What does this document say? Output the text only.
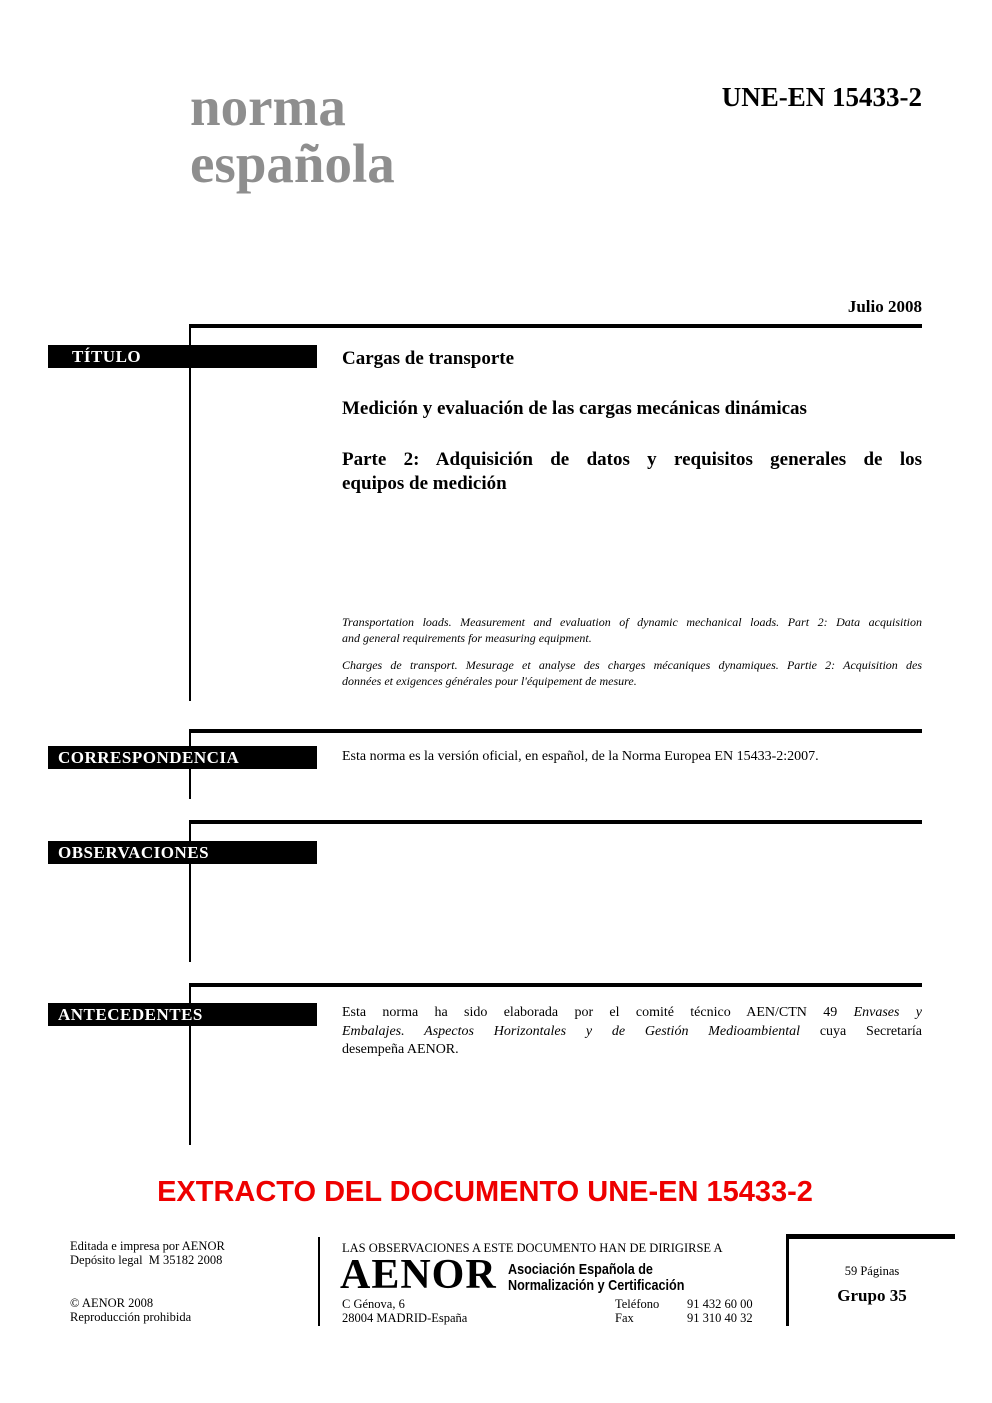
norma
española
UNE-EN 15433-2
Julio 2008
TÍTULO
CORRESPONDENCIA
OBSERVACIONES
ANTECEDENTES
Cargas de transporte
Medición y evaluación de las cargas mecánicas dinámicas
Parte 2: Adquisición de datos y requisitos generales de los
equipos de medición
Transportation loads. Measurement and evaluation of dynamic mechanical loads. Part 2: Data acquisition
and general requirements for measuring equipment.
Charges de transport. Mesurage et analyse des charges mécaniques dynamiques. Partie 2: Acquisition des
données et exigences générales pour l'équipement de mesure.
Esta norma es la versión oficial, en español, de la Norma Europea EN 15433-2:2007.
Esta norma ha sido elaborada por el comité técnico AEN/CTN 49 Envases y
Embalajes. Aspectos Horizontales y de Gestión Medioambiental cuya Secretaría
desempeña AENOR.
EXTRACTO DEL DOCUMENTO UNE-EN 15433-2
Editada e impresa por AENOR
Depósito legal  M 35182 2008
© AENOR 2008
Reproducción prohibida
LAS OBSERVACIONES A ESTE DOCUMENTO HAN DE DIRIGIRSE A
AENOR Asociación Española de
Normalización y Certificación
C Génova, 6
28004 MADRID-España
Teléfono	91 432 60 00
Fax	91 310 40 32
59 Páginas
Grupo 35
